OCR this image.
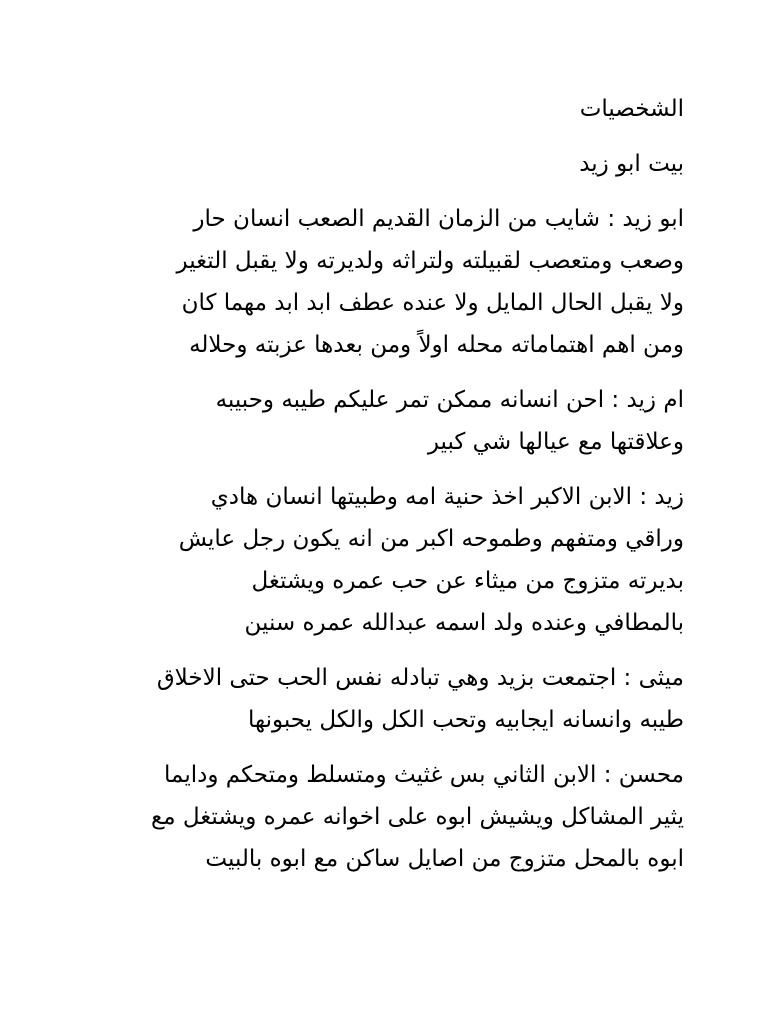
الشخصيات
بيت ابو زيد
ابو زيد : شايب من الزمان القديم الصعب انسان حار
وصعب ومتعصب لقبيلته ولتراثه ولديرته ولا يقبل التغير
ولا يقبل الحال المايل ولا عنده عطف ابد ابد مهما كان
ومن اهم اهتماماته محله اولاً ومن بعدها عزبته وحلاله
ام زيد : احن انسانه ممكن تمر عليكم طيبه وحبيبه
وعلاقتها مع عيالها شي كبير
زيد : الابن الاكبر اخذ حنية امه وطبيتها انسان هادي
وراقي ومتفهم وطموحه اكبر من انه يكون رجل عايش
بديرته متزوج من ميثاء عن حب عمره ويشتغل
بالمطافي وعنده ولد اسمه عبدالله عمره سنين
ميثى : اجتمعت بزيد وهي تبادله نفس الحب حتى الاخلاق
طيبه وانسانه ايجابيه وتحب الكل والكل يحبونها
محسن : الابن الثاني بس غثيث ومتسلط ومتحكم ودايما
يثير المشاكل ويشيش ابوه على اخوانه عمره ويشتغل مع
ابوه بالمحل متزوج من اصايل ساكن مع ابوه بالبيت
